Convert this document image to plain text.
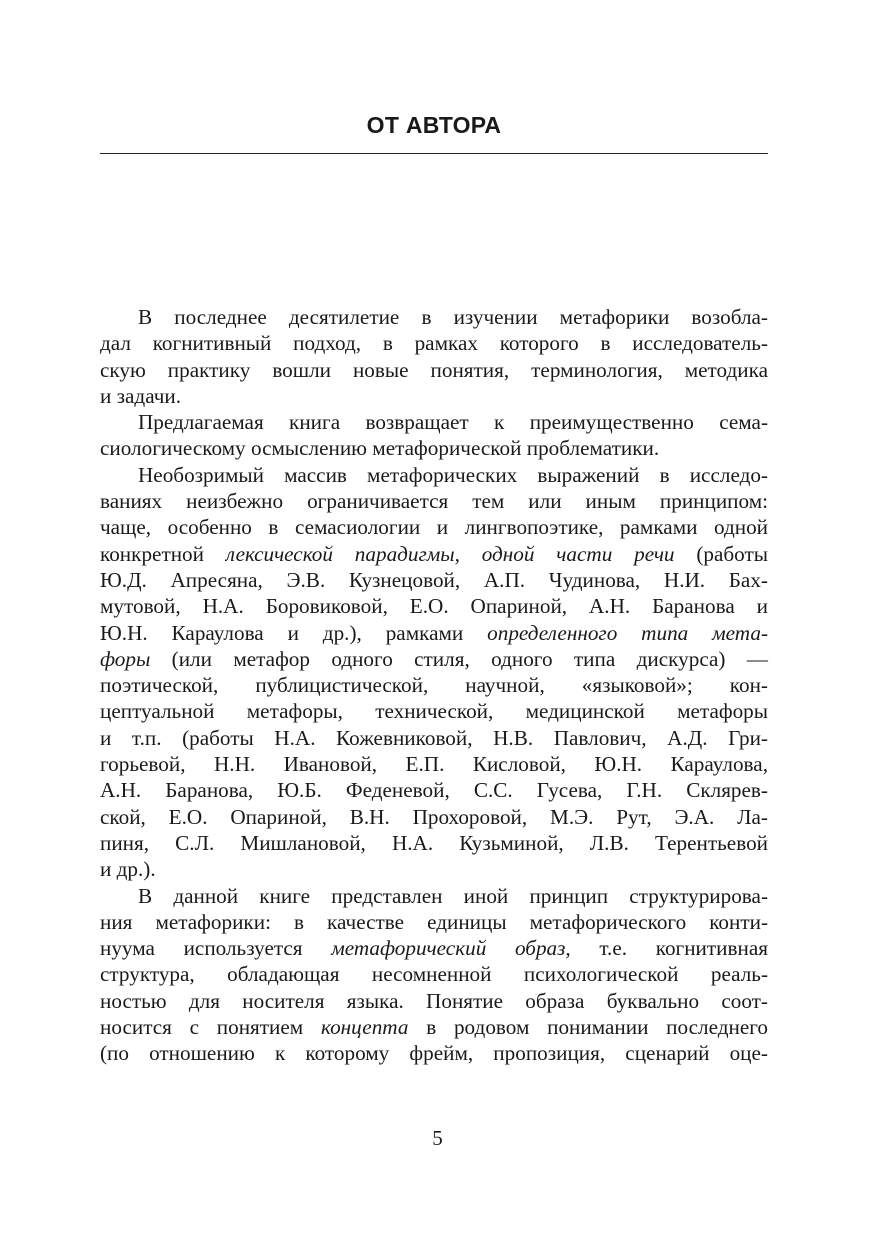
ОТ АВТОРА

В последнее десятилетие в изучении метафорики возобла-
дал когнитивный подход, в рамках которого в исследователь-
скую практику вошли новые понятия, терминология, методика
и задачи.

Предлагаемая книга возвращает к преимущественно сема-
сиологическому осмыслению метафорической проблематики.

Необозримый массив метафорических выражений в исследо-
ваниях неизбежно ограничивается тем или иным принципом:
чаще, особенно в семасиологии и лингвопоэтике, рамками одной
конкретной лексической парадигмы, одной части речи (работы
Ю.Д. Апресяна, Э.В. Кузнецовой, А.П. Чудинова, Н.И. Бах-
мутовой, Н.А. Боровиковой, Е.О. Опариной, А.Н. Баранова и
Ю.Н. Караулова и др.), рамками определенного типа мета-
форы (или метафор одного стиля, одного типа дискурса) —
поэтической, публицистической, научной, «языковой»; кон-
цептуальной метафоры, технической, медицинской метафоры
и т.п. (работы Н.А. Кожевниковой, Н.В. Павлович, А.Д. Гри-
горьевой, Н.Н. Ивановой, Е.П. Кисловой, Ю.Н. Караулова,
А.Н. Баранова, Ю.Б. Феденевой, С.С. Гусева, Г.Н. Склярев-
ской, Е.О. Опариной, В.Н. Прохоровой, М.Э. Рут, Э.А. Ла-
пиня, С.Л. Мишлановой, Н.А. Кузьминой, Л.В. Терентьевой
и др.).

В данной книге представлен иной принцип структурирова-
ния метафорики: в качестве единицы метафорического конти-
нуума используется метафорический образ, т.е. когнитивная
структура, обладающая несомненной психологической реаль-
ностью для носителя языка. Понятие образа буквально соот-
носится с понятием концепта в родовом понимании последнего
(по отношению к которому фрейм, пропозиция, сценарий оце-

5
